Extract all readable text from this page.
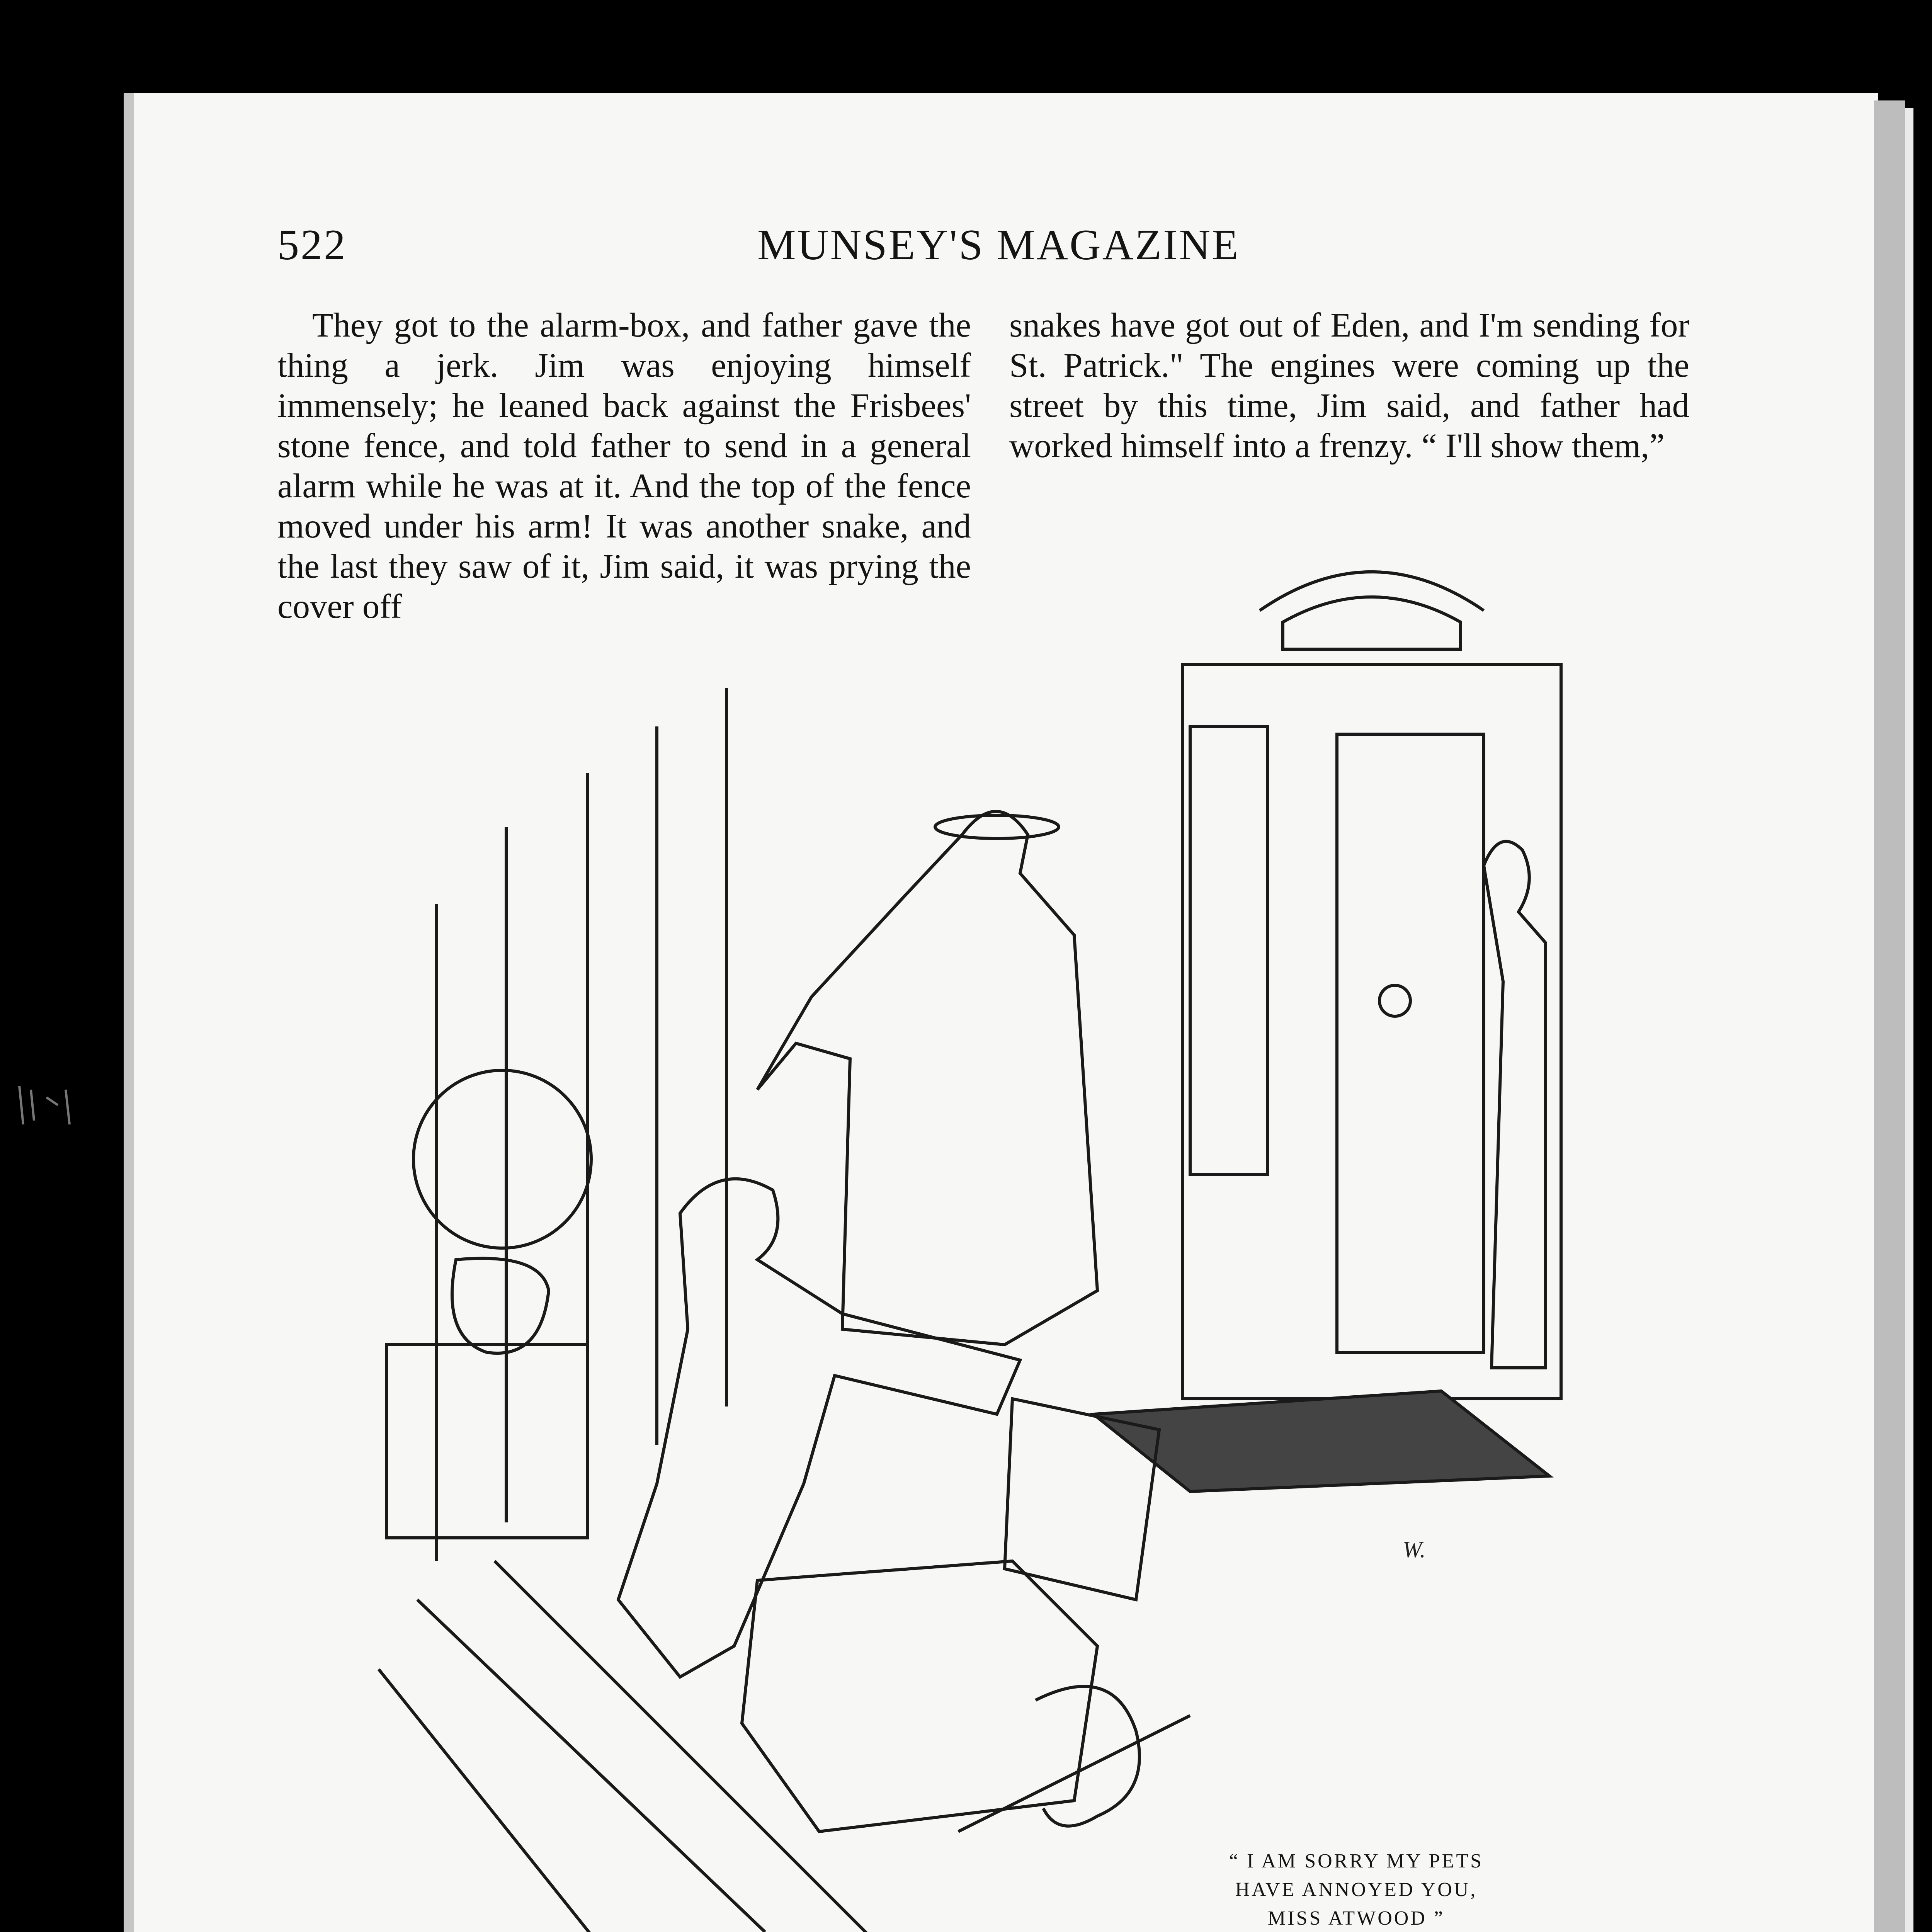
522	MUNSEY'S MAGAZINE

They got to the alarm-box, and father gave the thing a jerk. Jim was enjoying himself immensely; he leaned back against the Frisbees' stone fence, and told father to send in a general alarm while he was at it. And the top of the fence moved under his arm! It was another snake, and the last they saw of it, Jim said, it was prying the cover off

snakes have got out of Eden, and I'm sending for St. Patrick." The engines were coming up the street by this time, Jim said, and father had worked himself into a frenzy. “ I'll show them,”

W.
“ I AM SORRY MY PETS
HAVE ANNOYED YOU,
MISS ATWOOD ”
